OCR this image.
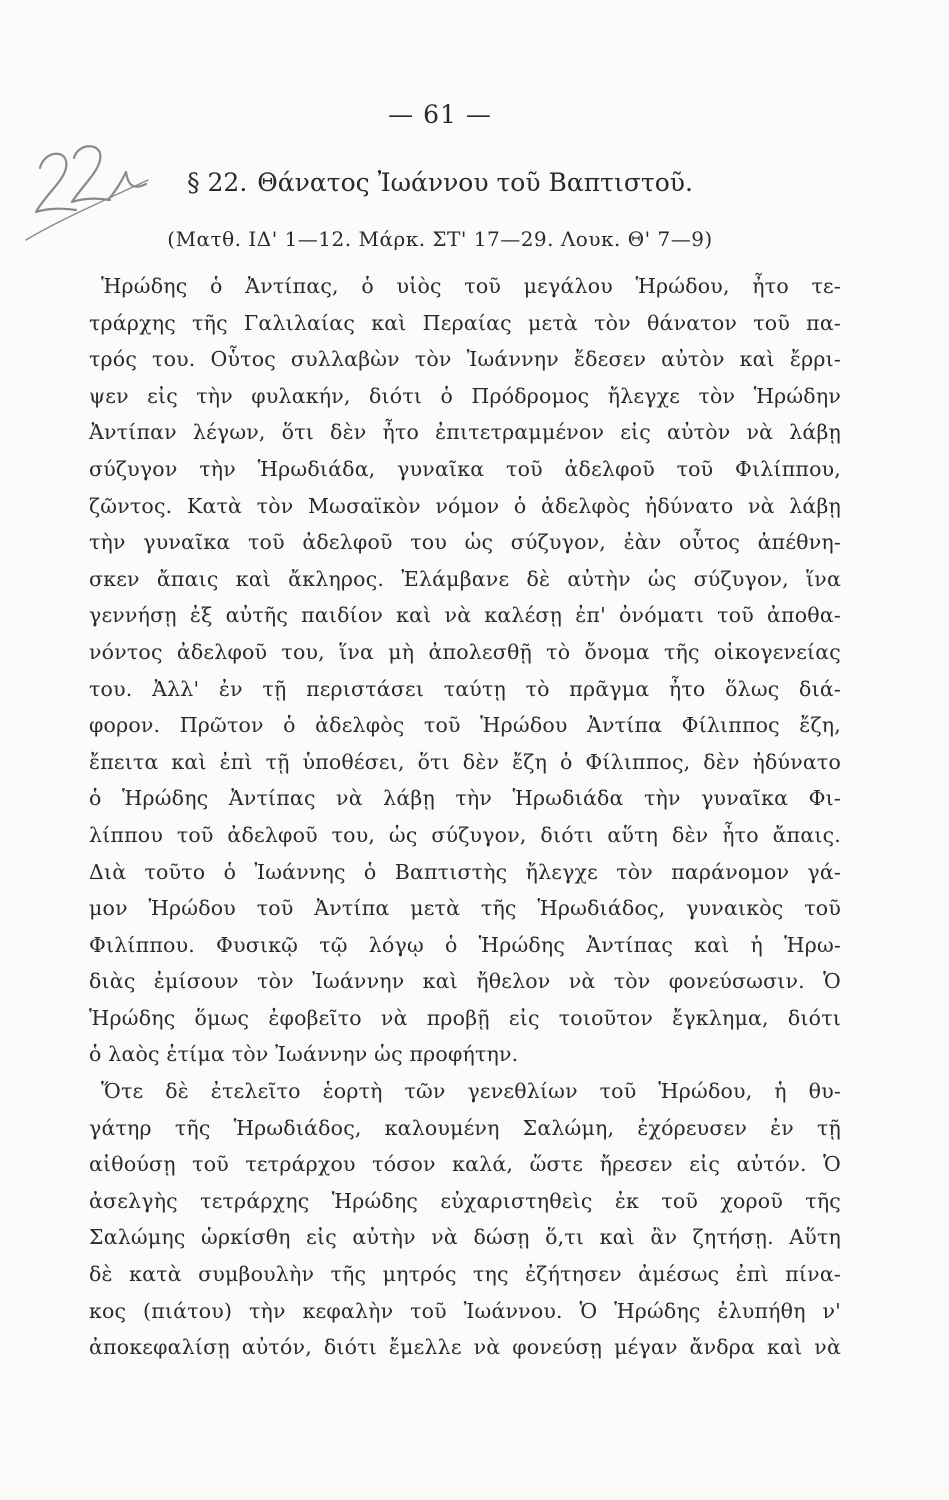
— 61 —
§ 22. Θάνατος Ἰωάννου τοῦ Βαπτιστοῦ.
(Ματθ. ΙΔ' 1—12. Μάρκ. ΣΤ' 17—29. Λουκ. Θ' 7—9)
Ἡρώδης ὁ Ἀντίπας, ὁ υἱὸς τοῦ μεγάλου Ἡρώδου, ἦτο τε-
τράρχης τῆς Γαλιλαίας καὶ Περαίας μετὰ τὸν θάνατον τοῦ πα-
τρός του. Οὗτος συλλαβὼν τὸν Ἰωάννην ἔδεσεν αὐτὸν καὶ ἔρρι-
ψεν εἰς τὴν φυλακήν, διότι ὁ Πρόδρομος ἤλεγχε τὸν Ἡρώδην
Ἀντίπαν λέγων, ὅτι δὲν ἦτο ἐπιτετραμμένον εἰς αὐτὸν νὰ λάβῃ
σύζυγον τὴν Ἡρωδιάδα, γυναῖκα τοῦ ἀδελφοῦ τοῦ Φιλίππου,
ζῶντος. Κατὰ τὸν Μωσαϊκὸν νόμον ὁ ἀδελφὸς ἠδύνατο νὰ λάβῃ
τὴν γυναῖκα τοῦ ἀδελφοῦ του ὡς σύζυγον, ἐὰν οὗτος ἀπέθνη-
σκεν ἄπαις καὶ ἄκληρος. Ἐλάμβανε δὲ αὐτὴν ὡς σύζυγον, ἵνα
γεννήσῃ ἐξ αὐτῆς παιδίον καὶ νὰ καλέσῃ ἐπ' ὀνόματι τοῦ ἀποθα-
νόντος ἀδελφοῦ του, ἵνα μὴ ἀπολεσθῇ τὸ ὄνομα τῆς οἰκογενείας
του. Ἀλλ' ἐν τῇ περιστάσει ταύτῃ τὸ πρᾶγμα ἦτο ὅλως διά-
φορον. Πρῶτον ὁ ἀδελφὸς τοῦ Ἡρώδου Ἀντίπα Φίλιππος ἔζη,
ἔπειτα καὶ ἐπὶ τῇ ὑποθέσει, ὅτι δὲν ἔζη ὁ Φίλιππος, δὲν ἠδύνατο
ὁ Ἡρώδης Ἀντίπας νὰ λάβῃ τὴν Ἡρωδιάδα τὴν γυναῖκα Φι-
λίππου τοῦ ἀδελφοῦ του, ὡς σύζυγον, διότι αὕτη δὲν ἦτο ἄπαις.
Διὰ τοῦτο ὁ Ἰωάννης ὁ Βαπτιστὴς ἤλεγχε τὸν παράνομον γά-
μον Ἡρώδου τοῦ Ἀντίπα μετὰ τῆς Ἡρωδιάδος, γυναικὸς τοῦ
Φιλίππου. Φυσικῷ τῷ λόγῳ ὁ Ἡρώδης Ἀντίπας καὶ ἡ Ἡρω-
διὰς ἐμίσουν τὸν Ἰωάννην καὶ ἤθελον νὰ τὸν φονεύσωσιν. Ὁ
Ἡρώδης ὅμως ἐφοβεῖτο νὰ προβῇ εἰς τοιοῦτον ἔγκλημα, διότι
ὁ λαὸς ἐτίμα τὸν Ἰωάννην ὡς προφήτην.
Ὅτε δὲ ἐτελεῖτο ἑορτὴ τῶν γενεθλίων τοῦ Ἡρώδου, ἡ θυ-
γάτηρ τῆς Ἡρωδιάδος, καλουμένη Σαλώμη, ἐχόρευσεν ἐν τῇ
αἰθούσῃ τοῦ τετράρχου τόσον καλά, ὥστε ἤρεσεν εἰς αὐτόν. Ὁ
ἀσελγὴς τετράρχης Ἡρώδης εὐχαριστηθεὶς ἐκ τοῦ χοροῦ τῆς
Σαλώμης ὡρκίσθη εἰς αὐτὴν νὰ δώσῃ ὅ,τι καὶ ἂν ζητήσῃ. Αὕτη
δὲ κατὰ συμβουλὴν τῆς μητρός της ἐζήτησεν ἀμέσως ἐπὶ πίνα-
κος (πιάτου) τὴν κεφαλὴν τοῦ Ἰωάννου. Ὁ Ἡρώδης ἐλυπήθη ν'
ἀποκεφαλίσῃ αὐτόν, διότι ἔμελλε νὰ φονεύσῃ μέγαν ἄνδρα καὶ νὰ
